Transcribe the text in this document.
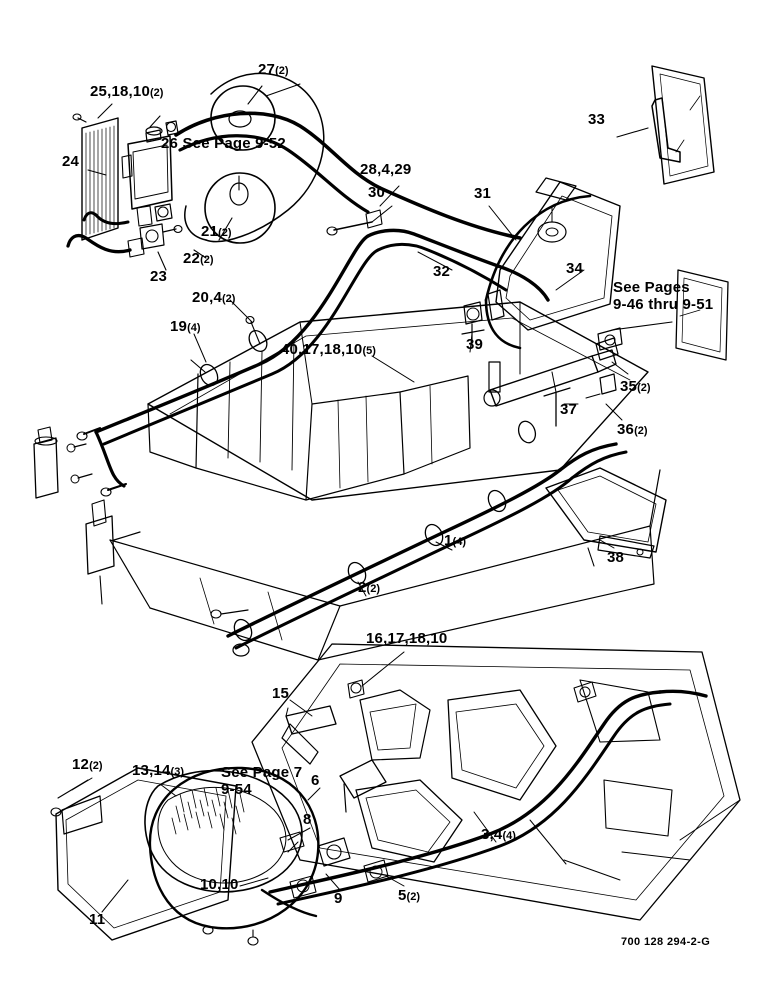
27(2)
25,18,10(2)
33
26 See Page 9-52
24	28,4,29
30	31
21(2)
22(2)
32
23	34
20,4(2)
See Pages
9-46 thru 9-51
19(4)
40,17,18,10(5)	39
35(2)
37
36(2)
1(4)
2(2)
38
16,17,18,10
15
13,14(3)
12(2)
6
See Page 7
9-54
8
3,4(4)
10,10
9	5(2)
11
700 128 294-2-G
